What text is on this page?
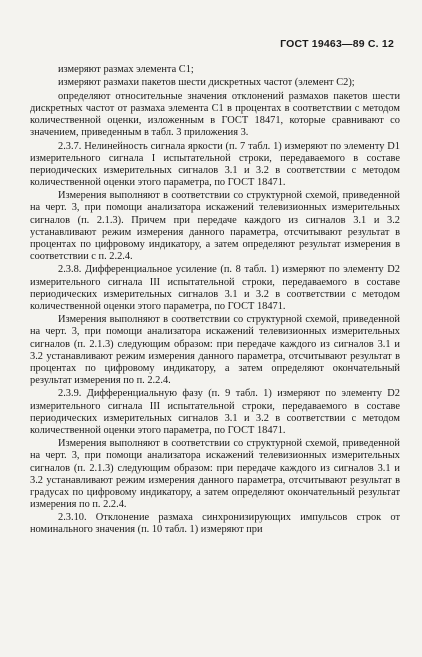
ГОСТ 19463—89 С. 12

измеряют размах элемента С1;

измеряют размахи пакетов шести дискретных частот (элемент С2);

определяют относительные значения отклонений размахов пакетов шести дискретных частот от размаха элемента С1 в процентах в соответствии с методом количественной оценки, изложенным в ГОСТ 18471, которые сравнивают со значением, приведенным в табл. 3 приложения 3.

2.3.7. Нелинейность сигнала яркости (п. 7 табл. 1) измеряют по элементу D1 измерительного сигнала I испытательной строки, передаваемого в составе периодических измерительных сигналов 3.1 и 3.2 в соответствии с методом количественной оценки этого параметра, по ГОСТ 18471.

Измерения выполняют в соответствии со структурной схемой, приведенной на черт. 3, при помощи анализатора искажений телевизионных измерительных сигналов (п. 2.1.3). Причем при передаче каждого из сигналов 3.1 и 3.2 устанавливают режим измерения данного параметра, отсчитывают результат в процентах по цифровому индикатору, а затем определяют результат измерения в соответствии с п. 2.2.4.

2.3.8. Дифференциальное усиление (п. 8 табл. 1) измеряют по элементу D2 измерительного сигнала III испытательной строки, передаваемого в составе периодических измерительных сигналов 3.1 и 3.2 в соответствии с методом количественной оценки этого параметра, по ГОСТ 18471.

Измерения выполняют в соответствии со структурной схемой, приведенной на черт. 3, при помощи анализатора искажений телевизионных измерительных сигналов (п. 2.1.3) следующим образом: при передаче каждого из сигналов 3.1 и 3.2 устанавливают режим измерения данного параметра, отсчитывают результат в процентах по цифровому индикатору, а затем определяют окончательный результат измерения по п. 2.2.4.

2.3.9. Дифференциальную фазу (п. 9 табл. 1) измеряют по элементу D2 измерительного сигнала III испытательной строки, передаваемого в составе периодических измерительных сигналов 3.1 и 3.2 в соответствии с методом количественной оценки этого параметра, по ГОСТ 18471.

Измерения выполняют в соответствии со структурной схемой, приведенной на черт. 3, при помощи анализатора искажений телевизионных измерительных сигналов (п. 2.1.3) следующим образом: при передаче каждого из сигналов 3.1 и 3.2 устанавливают режим измерения данного параметра, отсчитывают результат в градусах по цифровому индикатору, а затем определяют окончательный результат измерения по п. 2.2.4.

2.3.10. Отклонение размаха синхронизирующих импульсов строк от номинального значения (п. 10 табл. 1) измеряют при
